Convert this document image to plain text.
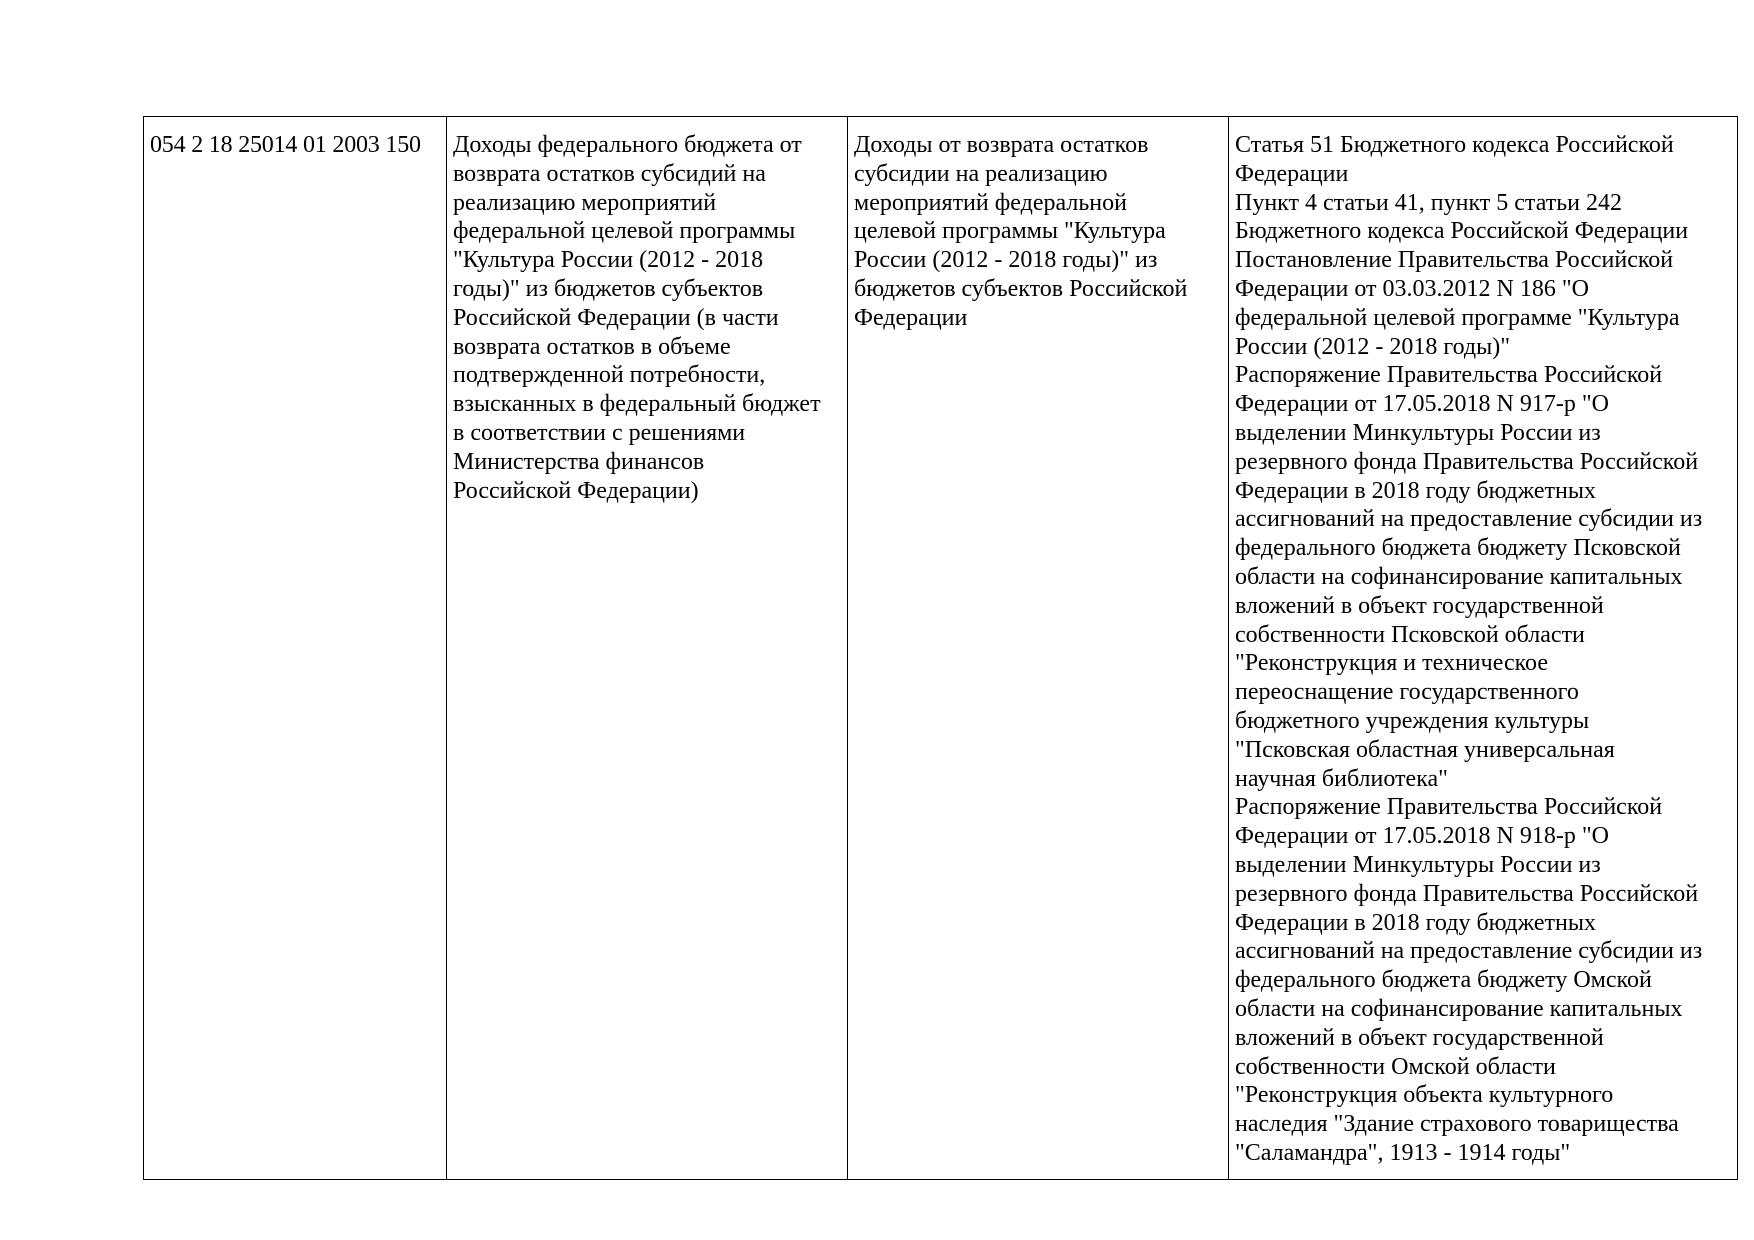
054 2 18 25014 01 2003 150	Доходы федерального бюджета от
возврата остатков субсидий на
реализацию мероприятий
федеральной целевой программы
"Культура России (2012 - 2018
годы)" из бюджетов субъектов
Российской Федерации (в части
возврата остатков в объеме
подтвержденной потребности,
взысканных в федеральный бюджет
в соответствии с решениями
Министерства финансов
Российской Федерации)	Доходы от возврата остатков
субсидии на реализацию
мероприятий федеральной
целевой программы "Культура
России (2012 - 2018 годы)" из
бюджетов субъектов Российской
Федерации	Статья 51 Бюджетного кодекса Российской
Федерации
Пункт 4 статьи 41, пункт 5 статьи 242
Бюджетного кодекса Российской Федерации
Постановление Правительства Российской
Федерации от 03.03.2012 N 186 "О
федеральной целевой программе "Культура
России (2012 - 2018 годы)"
Распоряжение Правительства Российской
Федерации от 17.05.2018 N 917-р "О
выделении Минкультуры России из
резервного фонда Правительства Российской
Федерации в 2018 году бюджетных
ассигнований на предоставление субсидии из
федерального бюджета бюджету Псковской
области на софинансирование капитальных
вложений в объект государственной
собственности Псковской области
"Реконструкция и техническое
переоснащение государственного
бюджетного учреждения культуры
"Псковская областная универсальная
научная библиотека"
Распоряжение Правительства Российской
Федерации от 17.05.2018 N 918-р "О
выделении Минкультуры России из
резервного фонда Правительства Российской
Федерации в 2018 году бюджетных
ассигнований на предоставление субсидии из
федерального бюджета бюджету Омской
области на софинансирование капитальных
вложений в объект государственной
собственности Омской области
"Реконструкция объекта культурного
наследия "Здание страхового товарищества
"Саламандра", 1913 - 1914 годы"
